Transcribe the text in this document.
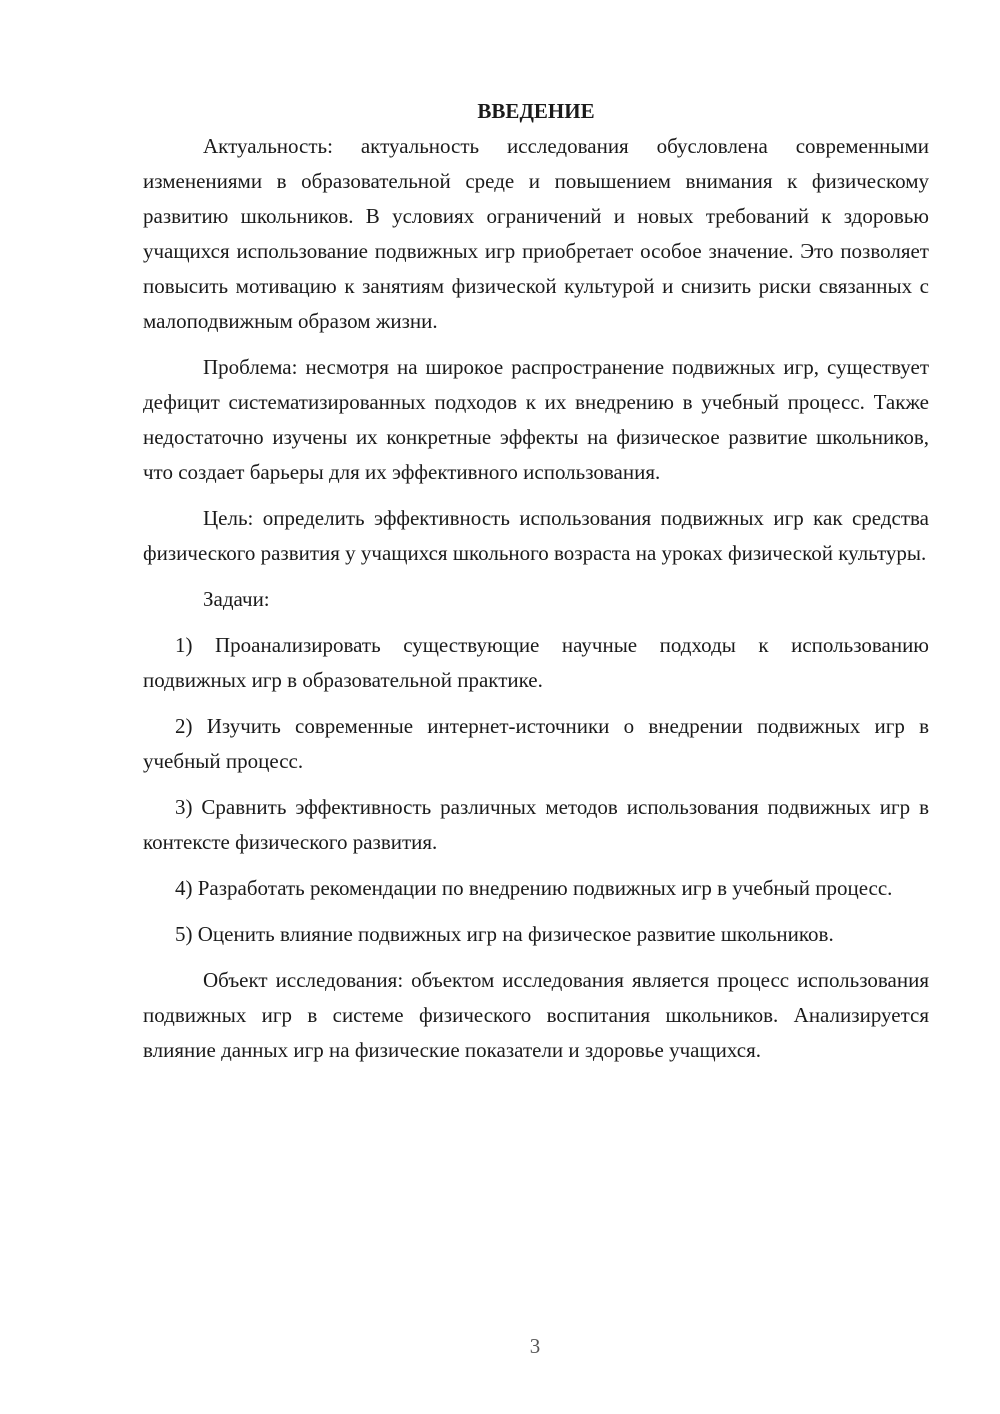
ВВЕДЕНИЕ

Актуальность: актуальность исследования обусловлена современными изменениями в образовательной среде и повышением внимания к физическому развитию школьников. В условиях ограничений и новых требований к здоровью учащихся использование подвижных игр приобретает особое значение. Это позволяет повысить мотивацию к занятиям физической культурой и снизить риски связанных с малоподвижным образом жизни.

Проблема: несмотря на широкое распространение подвижных игр, существует дефицит систематизированных подходов к их внедрению в учебный процесс. Также недостаточно изучены их конкретные эффекты на физическое развитие школьников, что создает барьеры для их эффективного использования.

Цель: определить эффективность использования подвижных игр как средства физического развития у учащихся школьного возраста на уроках физической культуры.

Задачи:

1) Проанализировать существующие научные подходы к использованию подвижных игр в образовательной практике.

2) Изучить современные интернет-источники о внедрении подвижных игр в учебный процесс.

3) Сравнить эффективность различных методов использования подвижных игр в контексте физического развития.

4) Разработать рекомендации по внедрению подвижных игр в учебный процесс.

5) Оценить влияние подвижных игр на физическое развитие школьников.

Объект исследования: объектом исследования является процесс использования подвижных игр в системе физического воспитания школьников. Анализируется влияние данных игр на физические показатели и здоровье учащихся.

3
